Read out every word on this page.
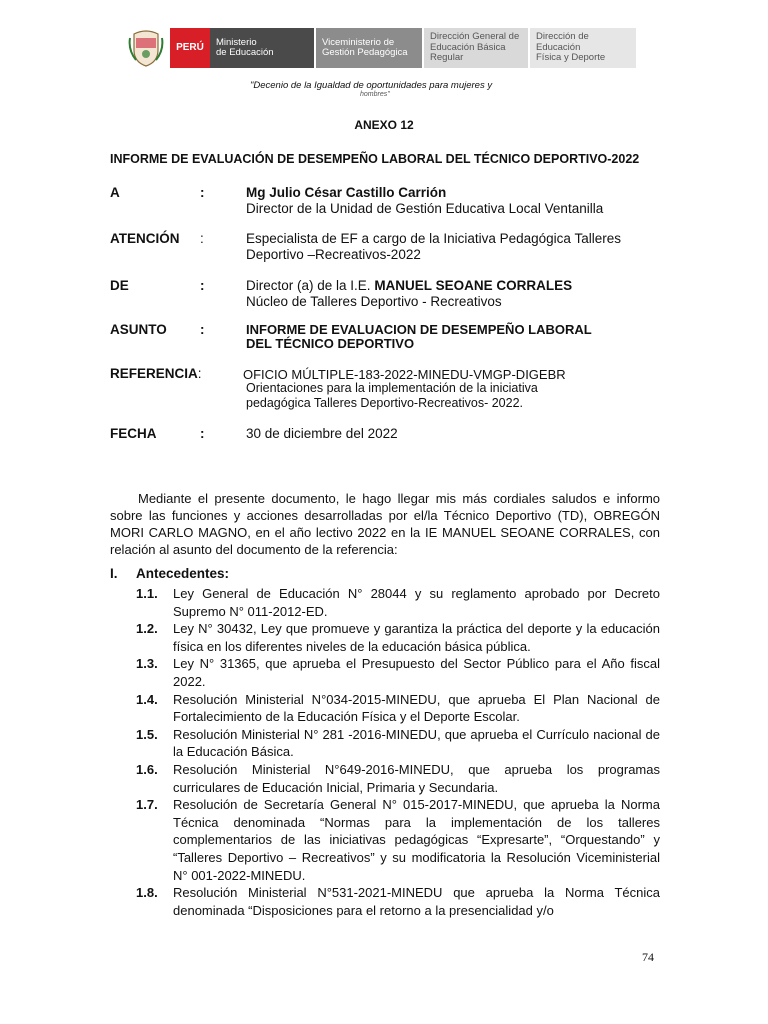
PERÚ	Ministerio
de Educación
Viceministerio de
Gestión Pedagógica
Dirección General de
Educación Básica Regular
Dirección de Educación
Física y Deporte
"Decenio de la Igualdad de oportunidades para mujeres y
hombres"
ANEXO 12
INFORME DE EVALUACIÓN DE DESEMPEÑO LABORAL DEL TÉCNICO DEPORTIVO-2022
A	:	Mg Julio César Castillo Carrión
Director de la Unidad de Gestión Educativa Local Ventanilla
ATENCIÓN :	Especialista de EF a cargo de la Iniciativa Pedagógica Talleres
Deportivo –Recreativos-2022
DE	:	Director (a) de la I.E. MANUEL SEOANE CORRALES
Núcleo de Talleres Deportivo - Recreativos
ASUNTO :	INFORME DE EVALUACION DE DESEMPEÑO LABORAL
DEL TÉCNICO DEPORTIVO
REFERENCIA:	OFICIO MÚLTIPLE-183-2022-MINEDU-VMGP-DIGEBR
Orientaciones para la implementación de la iniciativa
pedagógica Talleres Deportivo-Recreativos- 2022.
FECHA	:	30 de diciembre del 2022

Mediante el presente documento, le hago llegar mis más cordiales saludos e informo sobre las funciones y acciones desarrolladas por el/la Técnico Deportivo (TD), OBREGÓN MORI CARLO MAGNO, en el año lectivo 2022 en la IE MANUEL SEOANE CORRALES, con relación al asunto del documento de la referencia:

I. Antecedentes:
1.1.	Ley General de Educación N° 28044 y su reglamento aprobado por Decreto Supremo N° 011-2012-ED.
1.2.	Ley N° 30432, Ley que promueve y garantiza la práctica del deporte y la educación física en los diferentes niveles de la educación básica pública.
1.3.	Ley N° 31365, que aprueba el Presupuesto del Sector Público para el Año fiscal 2022.
1.4.	Resolución Ministerial N°034-2015-MINEDU, que aprueba El Plan Nacional de Fortalecimiento de la Educación Física y el Deporte Escolar.
1.5.	Resolución Ministerial N° 281 -2016-MINEDU, que aprueba el Currículo nacional de la Educación Básica.
1.6.	Resolución Ministerial N°649-2016-MINEDU, que aprueba los programas curriculares de Educación Inicial, Primaria y Secundaria.
1.7.	Resolución de Secretaría General N° 015-2017-MINEDU, que aprueba la Norma Técnica denominada “Normas para la implementación de los talleres complementarios de las iniciativas pedagógicas “Expresarte”, “Orquestando” y “Talleres Deportivo – Recreativos” y su modificatoria la Resolución Viceministerial N° 001-2022-MINEDU.
1.8.	Resolución Ministerial N°531-2021-MINEDU que aprueba la Norma Técnica denominada “Disposiciones para el retorno a la presencialidad y/o
74
